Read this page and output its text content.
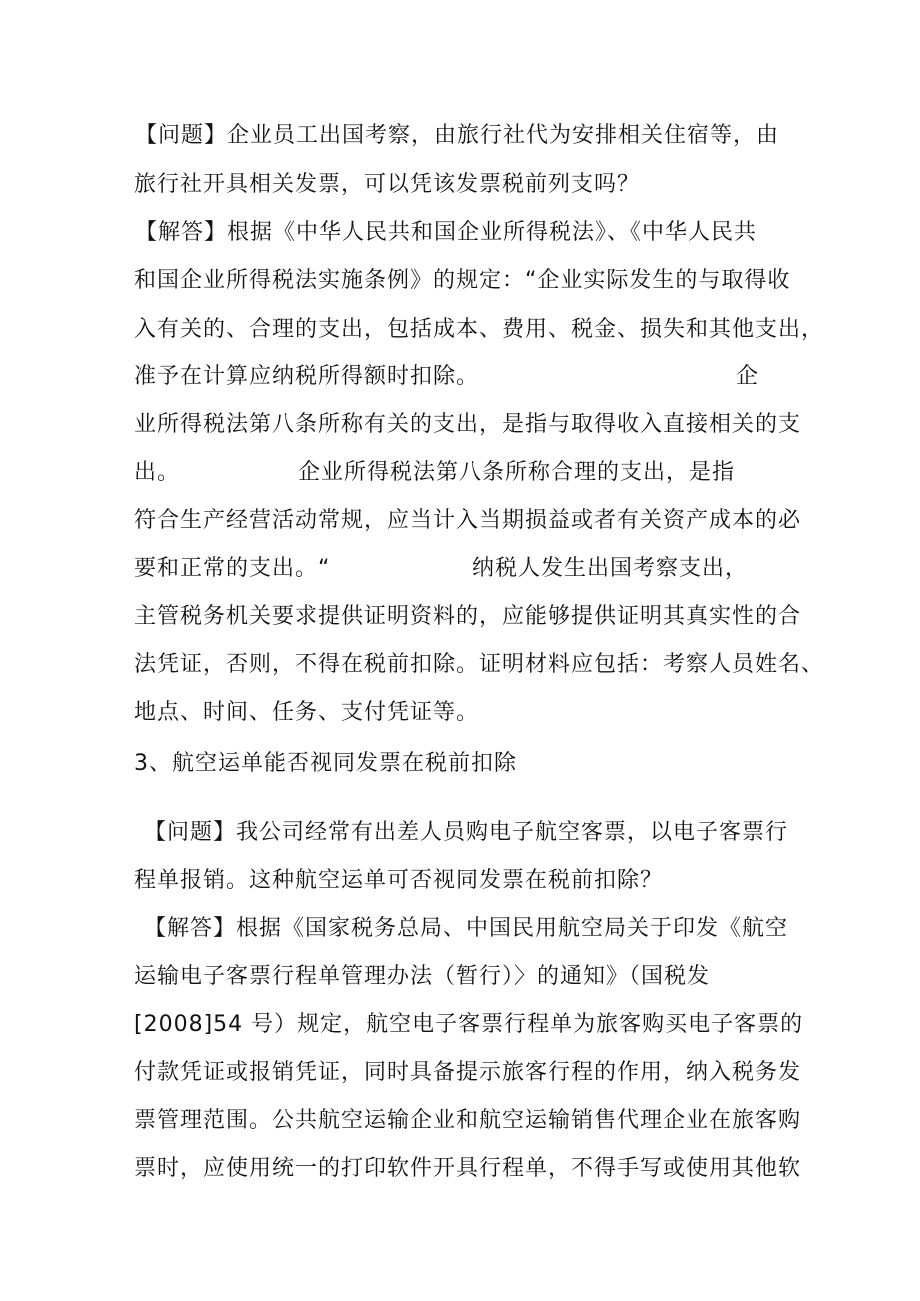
【问题】企业员工出国考察，由旅行社代为安排相关住宿等，由
旅行社开具相关发票，可以凭该发票税前列支吗？
【解答】根据《中华人民共和国企业所得税法》、《中华人民共
和国企业所得税法实施条例》的规定：“企业实际发生的与取得收
入有关的、合理的支出，包括成本、费用、税金、损失和其他支出，
准予在计算应纳税所得额时扣除。	企
业所得税法第八条所称有关的支出，是指与取得收入直接相关的支
出。	企业所得税法第八条所称合理的支出，是指
符合生产经营活动常规，应当计入当期损益或者有关资产成本的必
要和正常的支出。“	纳税人发生出国考察支出，
主管税务机关要求提供证明资料的，应能够提供证明其真实性的合
法凭证，否则，不得在税前扣除。证明材料应包括：考察人员姓名、
地点、时间、任务、支付凭证等。
3、航空运单能否视同发票在税前扣除
【问题】我公司经常有出差人员购电子航空客票，以电子客票行
程单报销。这种航空运单可否视同发票在税前扣除？
【解答】根据《国家税务总局、中国民用航空局关于印发《航空
运输电子客票行程单管理办法（暂行）〉的通知》（国税发
[2008]54 号）规定，航空电子客票行程单为旅客购买电子客票的
付款凭证或报销凭证，同时具备提示旅客行程的作用，纳入税务发
票管理范围。公共航空运输企业和航空运输销售代理企业在旅客购
票时，应使用统一的打印软件开具行程单，不得手写或使用其他软
